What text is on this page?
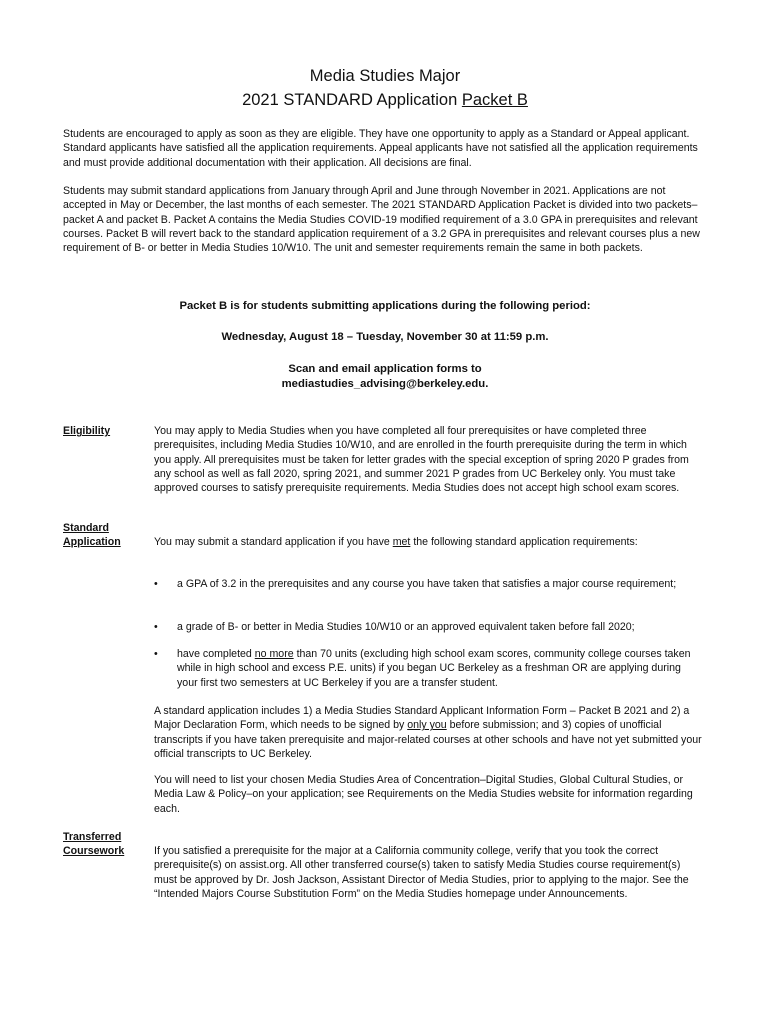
Media Studies Major
2021 STANDARD Application Packet B

Students are encouraged to apply as soon as they are eligible. They have one opportunity to apply as a Standard or Appeal applicant. Standard applicants have satisfied all the application requirements. Appeal applicants have not satisfied all the application requirements and must provide additional documentation with their application. All decisions are final.

Students may submit standard applications from January through April and June through November in 2021. Applications are not accepted in May or December, the last months of each semester. The 2021 STANDARD Application Packet is divided into two packets–packet A and packet B. Packet A contains the Media Studies COVID-19 modified requirement of a 3.0 GPA in prerequisites and relevant courses. Packet B will revert back to the standard application requirement of a 3.2 GPA in prerequisites and relevant courses plus a new requirement of B- or better in Media Studies 10/W10. The unit and semester requirements remain the same in both packets.

Packet B is for students submitting applications during the following period:
Wednesday, August 18 – Tuesday, November 30 at 11:59 p.m.
Scan and email application forms to
mediastudies_advising@berkeley.edu.
Eligibility	You may apply to Media Studies when you have completed all four prerequisites or have completed three prerequisites, including Media Studies 10/W10, and are enrolled in the fourth prerequisite during the term in which you apply. All prerequisites must be taken for letter grades with the special exception of spring 2020 P grades from any school as well as fall 2020, spring 2021, and summer 2021 P grades from UC Berkeley only. You must take approved courses to satisfy prerequisite requirements. Media Studies does not accept high school exam scores.

Standard
Application	You may submit a standard application if you have met the following standard application requirements:

• a GPA of 3.2 in the prerequisites and any course you have taken that satisfies a major course requirement;

• a grade of B- or better in Media Studies 10/W10 or an approved equivalent taken before fall 2020;

• have completed no more than 70 units (excluding high school exam scores, community college courses taken while in high school and excess P.E. units) if you began UC Berkeley as a freshman OR are applying during your first two semesters at UC Berkeley if you are a transfer student.

A standard application includes 1) a Media Studies Standard Applicant Information Form – Packet B 2021 and 2) a Major Declaration Form, which needs to be signed by only you before submission; and 3) copies of unofficial transcripts if you have taken prerequisite and major-related courses at other schools and have not yet submitted your official transcripts to UC Berkeley.

You will need to list your chosen Media Studies Area of Concentration–Digital Studies, Global Cultural Studies, or Media Law & Policy–on your application; see Requirements on the Media Studies website for information regarding each.

Transferred
Coursework	If you satisfied a prerequisite for the major at a California community college, verify that you took the correct prerequisite(s) on assist.org. All other transferred course(s) taken to satisfy Media Studies course requirement(s) must be approved by Dr. Josh Jackson, Assistant Director of Media Studies, prior to applying to the major. See the “Intended Majors Course Substitution Form” on the Media Studies homepage under Announcements.
